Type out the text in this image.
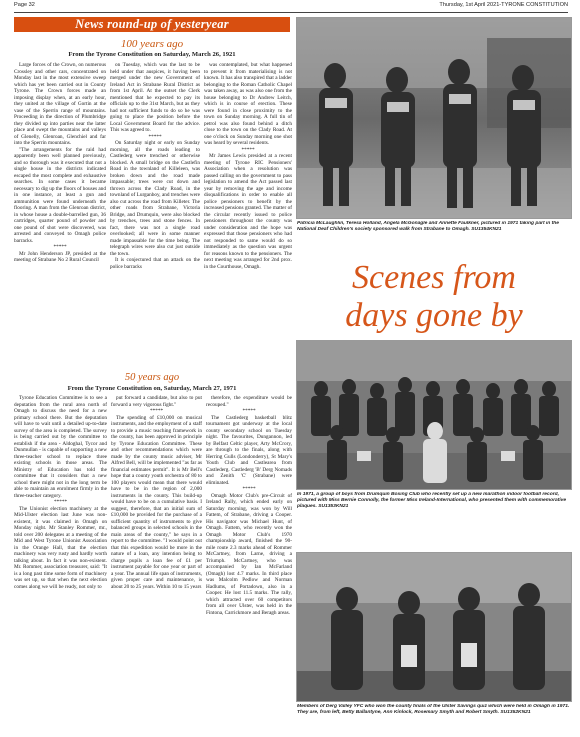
Page 32	Thursday, 1st April 2021-TYRONE CONSTITUTION
News round-up of yesteryear
100 years ago
From the Tyrone Constitution on Saturday, March 26, 1921

Large forces of the Crown, on numerous Crossley and other cars, concentrated on Monday last in the most extensive sweep which has yet been carried out in County Tyrone. The Crown forces made an imposing display when, at an early hour, they united at the village of Gortin at the vase of the Sperrin range of mountains. Proceeding in the direction of Plumbridge they divided up into parties near the latter place and swept the mountains and valleys of Glenelly, Glenroan, Glenchiel and far into the Sperrin mountains.

"The arrangements for the raid had apparently been well planned previously, and so thorough was it executed that not a single house in the districts indicated escaped the most complete and exhaustive searches. In some cases it became necessary to dig up the floors of houses and in one instance, at least a gun and ammunition were found underneath the flooring. A man from the Glenroan district, in whose house a double-barrelled gun, 36 cartridges, quarter pound of powder and one pound of shot were discovered, was arrested and conveyed to Omagh police barracks.

*****

Mr John Henderson JP, presided at the meeting of Strabane No 2 Rural Council

on Tuesday, which was the last to be held under that auspices, it having been merged under the new Government of Ireland Act in Strabane Rural District as from 1st April. At the outset the Clerk mentioned that he expected to pay its officials up to the 31st March, but as they had not sufficient funds to do so he was going to place the position before the Local Government Board for the advice. This was agreed to.

*****

On Saturday night or early on Sunday morning, all the roads leading to Castlederg were trenched or otherwise blocked. A small bridge on the Castlefin Road in the townland of Killeleen, was broken down and the road made impassable; trees were cut down and thrown across the Clady Road, in the townland of Lurganboy, and trenches were also cut across the road from Killeter. The other roads from Strabane, Victoria Bridge, and Drumquin, were also blocked by trenches, trees and stone fences. In fact, there was not a single road overlooked; all were in some manner made impassable for the time being. The telegraph wires were also cut just outside the town.

It is conjectured that an attack on the police barracks

was contemplated, but what happened to prevent it from materialising is not known. It has also transpired that a ladder belonging to the Roman Catholic Chapel was taken away, as was also one from the house belonging to Dr Andrew Leitch, which is in course of erection. These were found in close proximity to the town on Sunday morning. A full tin of petrol was also found behind a ditch close to the town on the Clady Road. At one o'clock on Sunday morning one shot was heard by several residents.

*****

Mr James Lewis presided at a recent meeting of Tyrone RIC Pensioners' Association when a resolution was passed calling on the government to pass legislation to amend the Act passed last year by removing the age and income disqualifications in order to enable all police pensioners to benefit by the increased pensions granted. The matter of the circular recently issued to police pensioners throughout the county was under consideration and the hope was expressed that those pensioners who had not responded to same would do so immediately as the question was urgent for reasons known to the pensioners. The next meeting was arranged for 2nd prox. in the Courthouse, Omagh.

50 years ago
From the Tyrone Constitution on, Saturday, March 27, 1971

Tyrone Education Committee is to see a deputation from the rural area north of Omagh to discuss the need for a new primary school there. But the deputation will have to wait until a detailed up-to-date survey of the area is completed. The survey is being carried out by the committee to establish if the area - Aldoghal, Tycor and Dunmullan - is capable of supporting a new three-teacher school to replace three existing schools in those areas. The Ministry of Education has told the committee that it considers that a new school there might not in the long term be able to maintain an enrolment firmly in the three-teacher category.

*****

The Unionist election machinery at the Mid-Ulster election last June was non-existent, it was claimed in Omagh on Monday night. Mr Stanley Rommer, mr., told over 200 delegates at a meeting of the Mid and West Tyrone Unionist Association in the Orange Hall, that the election machinery was very rusty and hardly worth talking about. In fact it was non-existent. Mr. Rommer, association treasurer, said: "It is a long past time some form of machinery was set up, so that when the next election comes along we will be ready, not only to

put forward a candidate, but also to put forward a very vigorous fight."

*****

The spending of £10,000 on musical instruments, and the employment of a staff to provide a music teaching framework in the county, has been approved in principle by Tyrone Education Committee. These and other recommendations which were made by the county music adviser, Mr Alfred Bell, will be implemented "as far as financial estimates permit". It is Mr Bell's hope that a county youth orchestra of 80 to 100 players would mean that there would have to be in the region of 2,000 instruments in the county. This build-up would have to be on a cumulative basis. I suggest, therefore, that an initial sum of £10,000 be provided for the purchase of a sufficient quantity of instruments to give balanced groups in selected schools in the main areas of the county," he says in a report to the committee. "I would point out that this expedition would be more in the nature of a loan, any intention being to charge pupils a loan fee of £1 per instrument payable for one year or part of a year. The annual life span of instruments, given proper care and maintenance, is about 20 to 25 years. Within 10 to 15 years

therefore, the expenditure would be recouped."

*****

The Castlederg basketball blitz tournament got underway at the local county secondary school on Tuesday night. The favourites, Dungannon, led by Belfast Celtic player, Arty McCrory, are through to the finals, along with Herring Gulls (Londonderry), St Mary's Youth Club and Castlearea from Castlederg. Castlederg 'B' Derg Nomads and Zenith 'C' (Strabane) were eliminated.

*****

Omagh Motor Club's pre-Circuit of Ireland Rally, which ended early on Saturday morning, was won by Will Fattem, of Strabane, driving a Cooper. His navigator was Michael Hunt, of Omagh. Fattem, who recently won the Omagh Motor Club's 1970 championship award, finished the 90-mile route 2.3 marks ahead of Rommer McCartney, from Larne, driving a Triumph. McCartney, who was accompanied by Ian McFarland (Omagh) lost 4.7 marks. In third place was Malcolm Pedlow and Norman Hadlums, of Portadown, also in a Cooper. He lost 11.5 marks. The rally, which attracted over 60 competitors from all over Ulster, was held in the Fintona, Carrickmore and Beragh areas.

Patricia McLaughlin, Teresa Holland, Angela McGonagle and Annette Faulkner, pictured in 1971 taking part in the National Deaf Children's society sponsored walk from Strabane to Omagh. SU1354KN21
Scenes from
days gone by
In 1971, a group of boys from Drumquin Boxing Club who recently set up a new marathon indoor football record, pictured with Miss Bernie Connolly, the former Miss Ireland-International, who presented them with commemorative plaques. SU1353KN21
Members of Derg Valley YFC who won the county finals of the Ulster Savings quiz which were held in Omagh in 1971. They are, from left, Betty Ballantyne, Ann Kinlock, Rosemary Smyth and Robert Smyth. SU1352KN21
